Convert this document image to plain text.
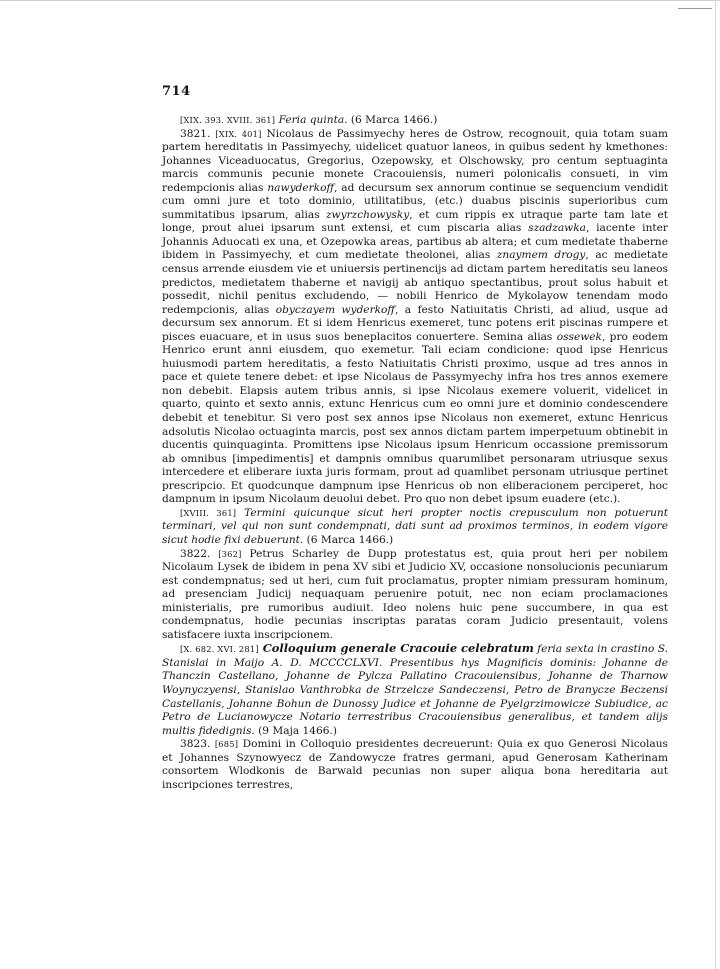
714

[XIX. 393. XVIII. 361] Feria quinta. (6 Marca 1466.)

3821. [XIX. 401] Nicolaus de Passimyechy heres de Ostrow, recognouit, quia totam suam partem hereditatis in Passimyechy, uidelicet quatuor laneos, in quibus sedent hy kmethones: Johannes Viceaduocatus, Gregorius, Ozepowsky, et Olschowsky, pro centum septuaginta marcis communis pecunie monete Cracouiensis, numeri polonicalis consueti, in vim redempcionis alias nawyderkoff, ad decursum sex annorum continue se sequencium vendidit cum omni jure et toto dominio, utilitatibus, (etc.) duabus piscinis superioribus cum summitatibus ipsarum, alias zwyrzchowysky, et cum rippis ex utraque parte tam late et longe, prout aluei ipsarum sunt extensi, et cum piscaria alias szadzawka, iacente inter Johannis Aduocati ex una, et Ozepowka areas, partibus ab altera; et cum medietate thaberne ibidem in Passimyechy, et cum medietate theolonei, alias znaymem drogy, ac medietate census arrende eiusdem vie et uniuersis pertinencijs ad dictam partem hereditatis seu laneos predictos, medietatem thaberne et navigij ab antiquo spectantibus, prout solus habuit et possedit, nichil penitus excludendo, — nobili Henrico de Mykolayow tenendam modo redempcionis, alias obyczayem wyderkoff, a festo Natiuitatis Christi, ad aliud, usque ad decursum sex annorum. Et si idem Henricus exemeret, tunc potens erit piscinas rumpere et pisces euacuare, et in usus suos beneplacitos conuertere. Semina alias ossewek, pro eodem Henrico erunt anni eiusdem, quo exemetur. Tali eciam condicione: quod ipse Henricus huiusmodi partem hereditatis, a festo Natiuitatis Christi proximo, usque ad tres annos in pace et quiete tenere debet: et ipse Nicolaus de Passymyechy infra hos tres annos exemere non debebit. Elapsis autem tribus annis, si ipse Nicolaus exemere voluerit, videlicet in quarto, quinto et sexto annis, extunc Henricus cum eo omni jure et dominio condescendere debebit et tenebitur. Si vero post sex annos ipse Nicolaus non exemeret, extunc Henricus adsolutis Nicolao octuaginta marcis, post sex annos dictam partem imperpetuum obtinebit in ducentis quinquaginta. Promittens ipse Nicolaus ipsum Henricum occassione premissorum ab omnibus [impedimentis] et dampnis omnibus quarumlibet personaram utriusque sexus intercedere et eliberare iuxta juris formam, prout ad quamlibet personam utriusque pertinet prescripcio. Et quodcunque dampnum ipse Henricus ob non eliberacionem perciperet, hoc dampnum in ipsum Nicolaum deuolui debet. Pro quo non debet ipsum euadere (etc.).

[XVIII. 361] Termini quicunque sicut heri propter noctis crepusculum non potuerunt terminari, vel qui non sunt condempnati, dati sunt ad proximos terminos, in eodem vigore sicut hodie fixi debuerunt. (6 Marca 1466.)

3822. [362] Petrus Scharley de Dupp protestatus est, quia prout heri per nobilem Nicolaum Lysek de ibidem in pena XV sibi et Judicio XV, occasione nonsolucionis pecuniarum est condempnatus; sed ut heri, cum fuit proclamatus, propter nimiam pressuram hominum, ad presenciam Judicij nequaquam peruenire potuit, nec non eciam proclamaciones ministerialis, pre rumoribus audiuit. Ideo nolens huic pene succumbere, in qua est condempnatus, hodie pecunias inscriptas paratas coram Judicio presentauit, volens satisfacere iuxta inscripcionem.

[X. 682. XVI. 281] Colloquium generale Cracouie celebratum feria sexta in crastino S. Stanislai in Maijo A. D. MCCCCLXVI. Presentibus hys Magnificis dominis: Johanne de Thanczin Castellano, Johanne de Pylcza Pallatino Cracouiensibus, Johanne de Tharnow Woynyczyensi, Stanislao Vanthrobka de Strzelcze Sandeczensi, Petro de Branycze Beczensi Castellanis, Johanne Bohun de Dunossy Judice et Johanne de Pyelgrzimowicze Subiudice, ac Petro de Lucianowycze Notario terrestribus Cracouiensibus generalibus, et tandem alijs multis fidedignis. (9 Maja 1466.)

3823. [685] Domini in Colloquio presidentes decreuerunt: Quia ex quo Generosi Nicolaus et Johannes Szynowyecz de Zandowycze fratres germani, apud Generosam Katherinam consortem Wlodkonis de Barwald pecunias non super aliqua bona hereditaria aut inscripciones terrestres,
